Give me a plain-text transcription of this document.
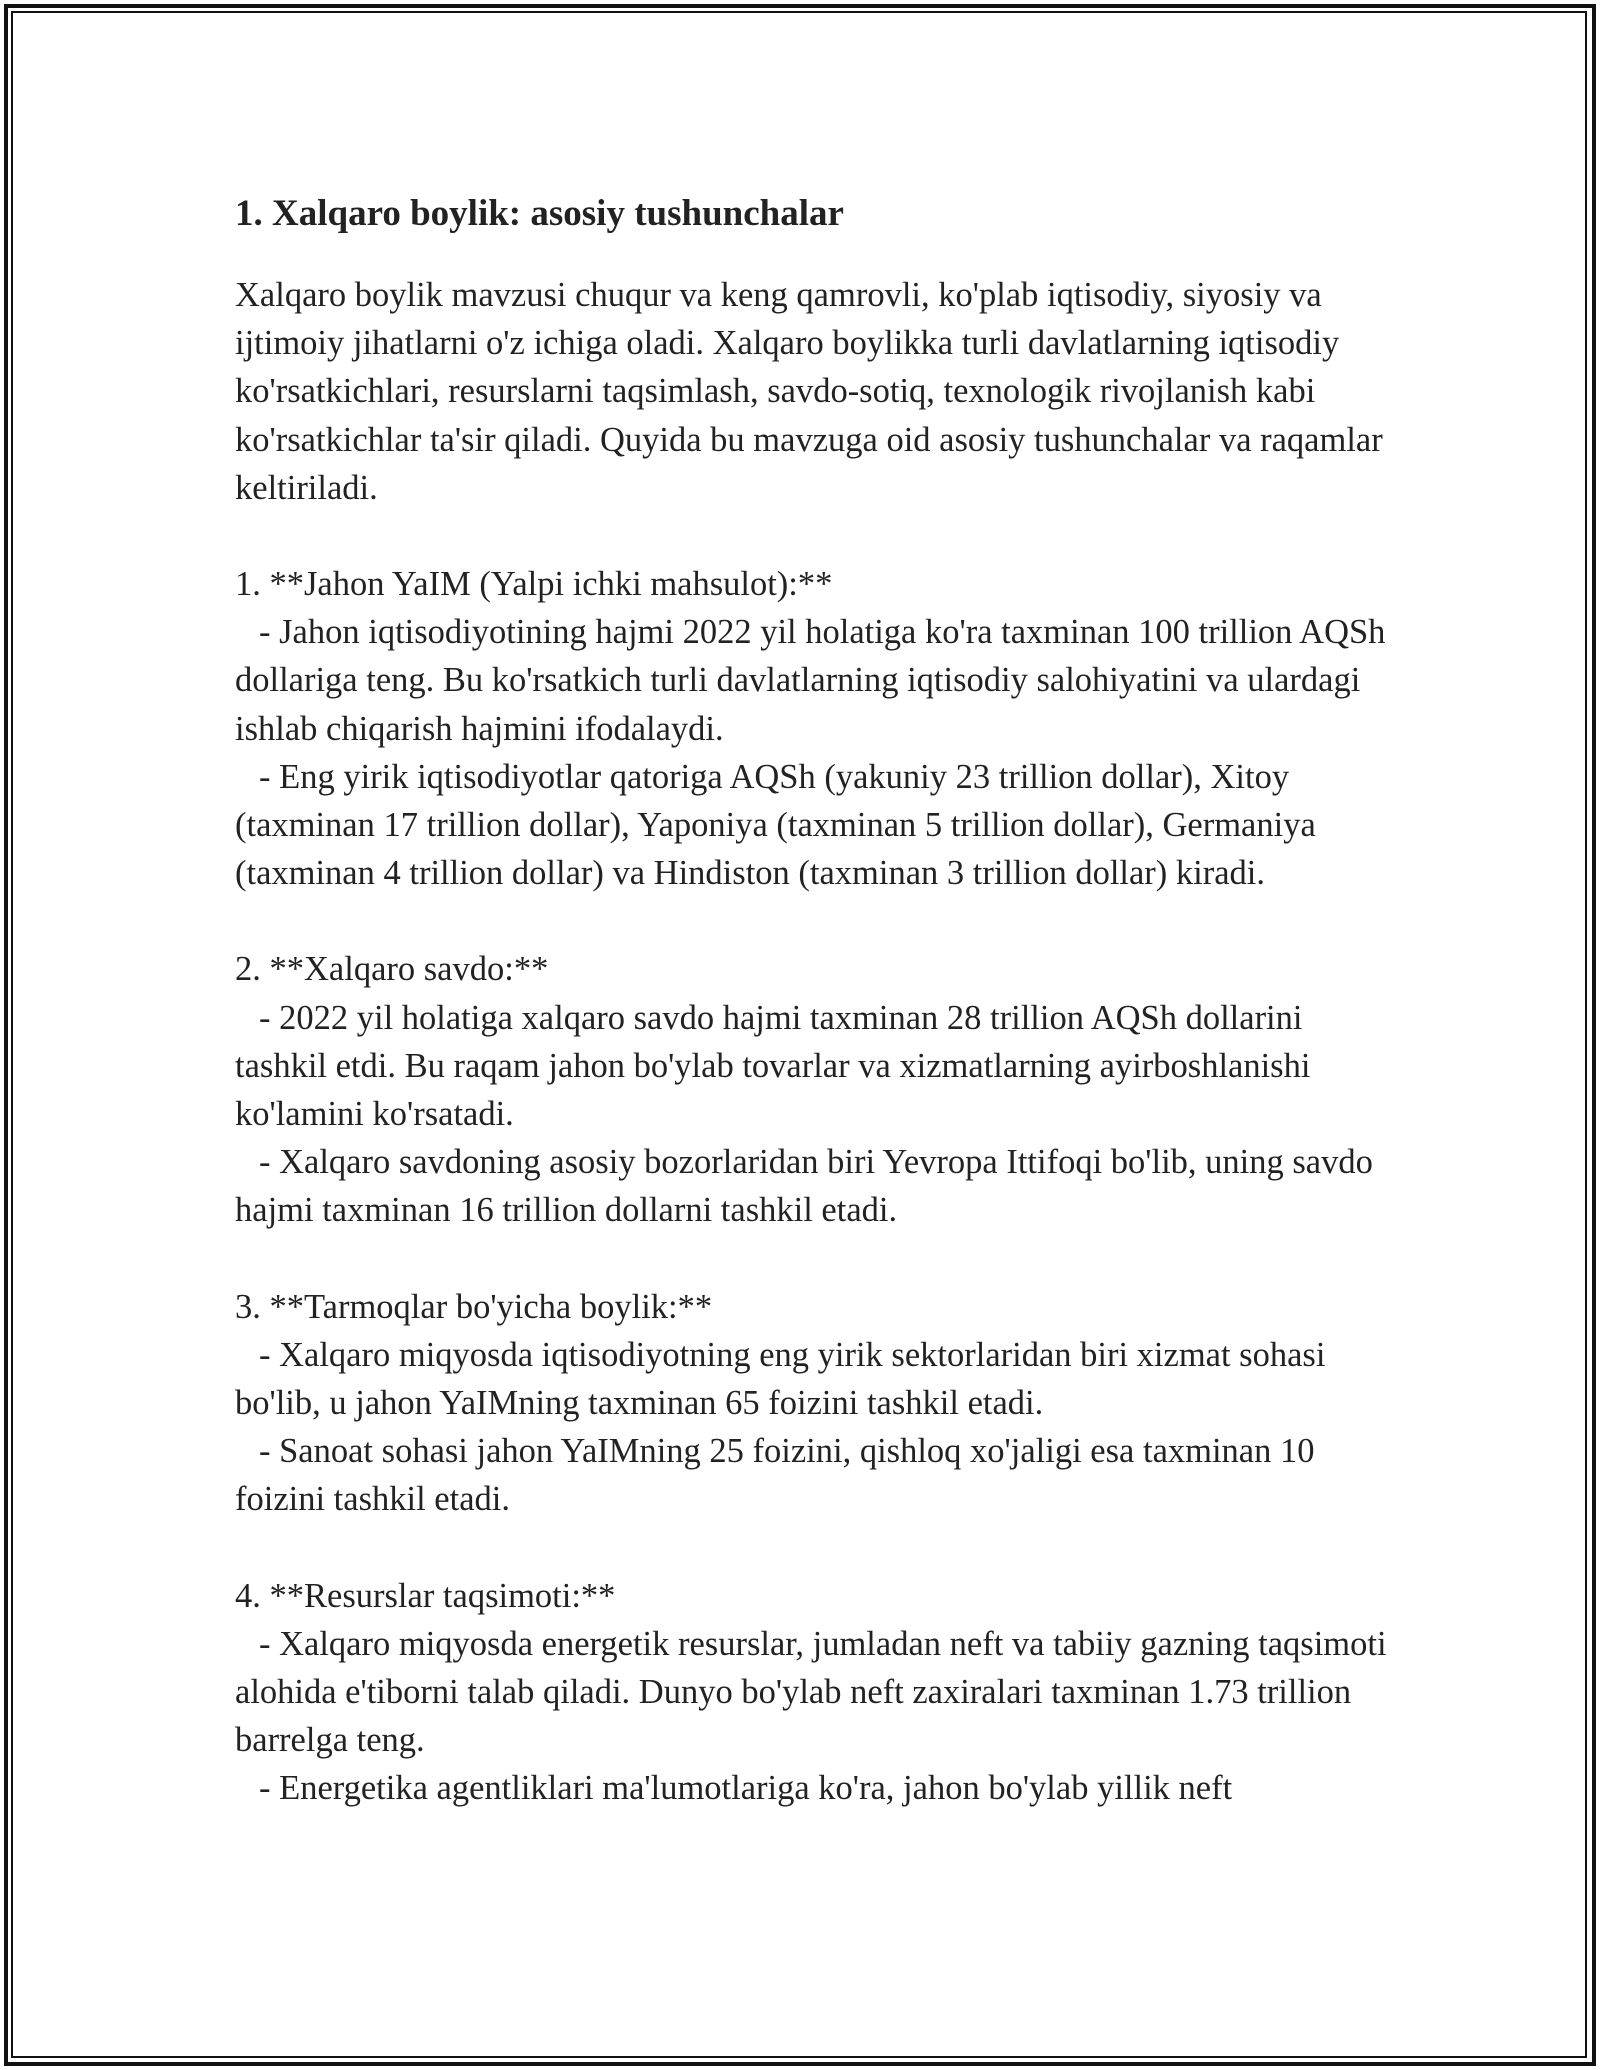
1. Xalqaro boylik: asosiy tushunchalar

Xalqaro boylik mavzusi chuqur va keng qamrovli, ko'plab iqtisodiy, siyosiy va ijtimoiy jihatlarni o'z ichiga oladi. Xalqaro boylikka turli davlatlarning iqtisodiy ko'rsatkichlari, resurslarni taqsimlash, savdo-sotiq, texnologik rivojlanish kabi ko'rsatkichlar ta'sir qiladi. Quyida bu mavzuga oid asosiy tushunchalar va raqamlar keltiriladi.

1. **Jahon YaIM (Yalpi ichki mahsulot):**

- Jahon iqtisodiyotining hajmi 2022 yil holatiga ko'ra taxminan 100 trillion AQSh dollariga teng. Bu ko'rsatkich turli davlatlarning iqtisodiy salohiyatini va ulardagi ishlab chiqarish hajmini ifodalaydi.

- Eng yirik iqtisodiyotlar qatoriga AQSh (yakuniy 23 trillion dollar), Xitoy (taxminan 17 trillion dollar), Yaponiya (taxminan 5 trillion dollar), Germaniya (taxminan 4 trillion dollar) va Hindiston (taxminan 3 trillion dollar) kiradi.

2. **Xalqaro savdo:**

- 2022 yil holatiga xalqaro savdo hajmi taxminan 28 trillion AQSh dollarini tashkil etdi. Bu raqam jahon bo'ylab tovarlar va xizmatlarning ayirboshlanishi ko'lamini ko'rsatadi.

- Xalqaro savdoning asosiy bozorlaridan biri Yevropa Ittifoqi bo'lib, uning savdo hajmi taxminan 16 trillion dollarni tashkil etadi.

3. **Tarmoqlar bo'yicha boylik:**

- Xalqaro miqyosda iqtisodiyotning eng yirik sektorlaridan biri xizmat sohasi bo'lib, u jahon YaIMning taxminan 65 foizini tashkil etadi.

- Sanoat sohasi jahon YaIMning 25 foizini, qishloq xo'jaligi esa taxminan 10 foizini tashkil etadi.

4. **Resurslar taqsimoti:**

- Xalqaro miqyosda energetik resurslar, jumladan neft va tabiiy gazning taqsimoti alohida e'tiborni talab qiladi. Dunyo bo'ylab neft zaxiralari taxminan 1.73 trillion barrelga teng.

- Energetika agentliklari ma'lumotlariga ko'ra, jahon bo'ylab yillik neft
